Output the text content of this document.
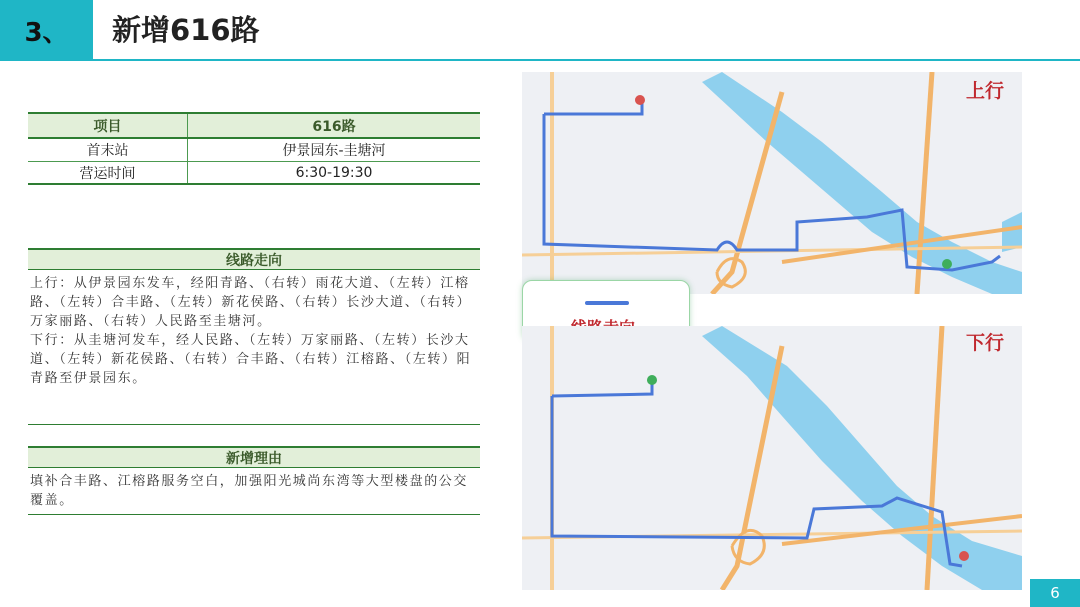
3、	新增616路
项目	616路
首末站	伊景园东-圭塘河
营运时间	6:30-19:30
线路走向
上行：从伊景园东发车，经阳青路、（右转）雨花大道、（左转）江榕路、（左转）合丰路、（左转）新花侯路、（右转）长沙大道、（右转）万家丽路、（右转）人民路至圭塘河。
下行：从圭塘河发车，经人民路、（左转）万家丽路、（左转）长沙大道、（左转）新花侯路、（右转）合丰路、（右转）江榕路、（左转）阳青路至伊景园东。
新增理由
填补合丰路、江榕路服务空白，加强阳光城尚东湾等大型楼盘的公交覆盖。
上行
下行
6
